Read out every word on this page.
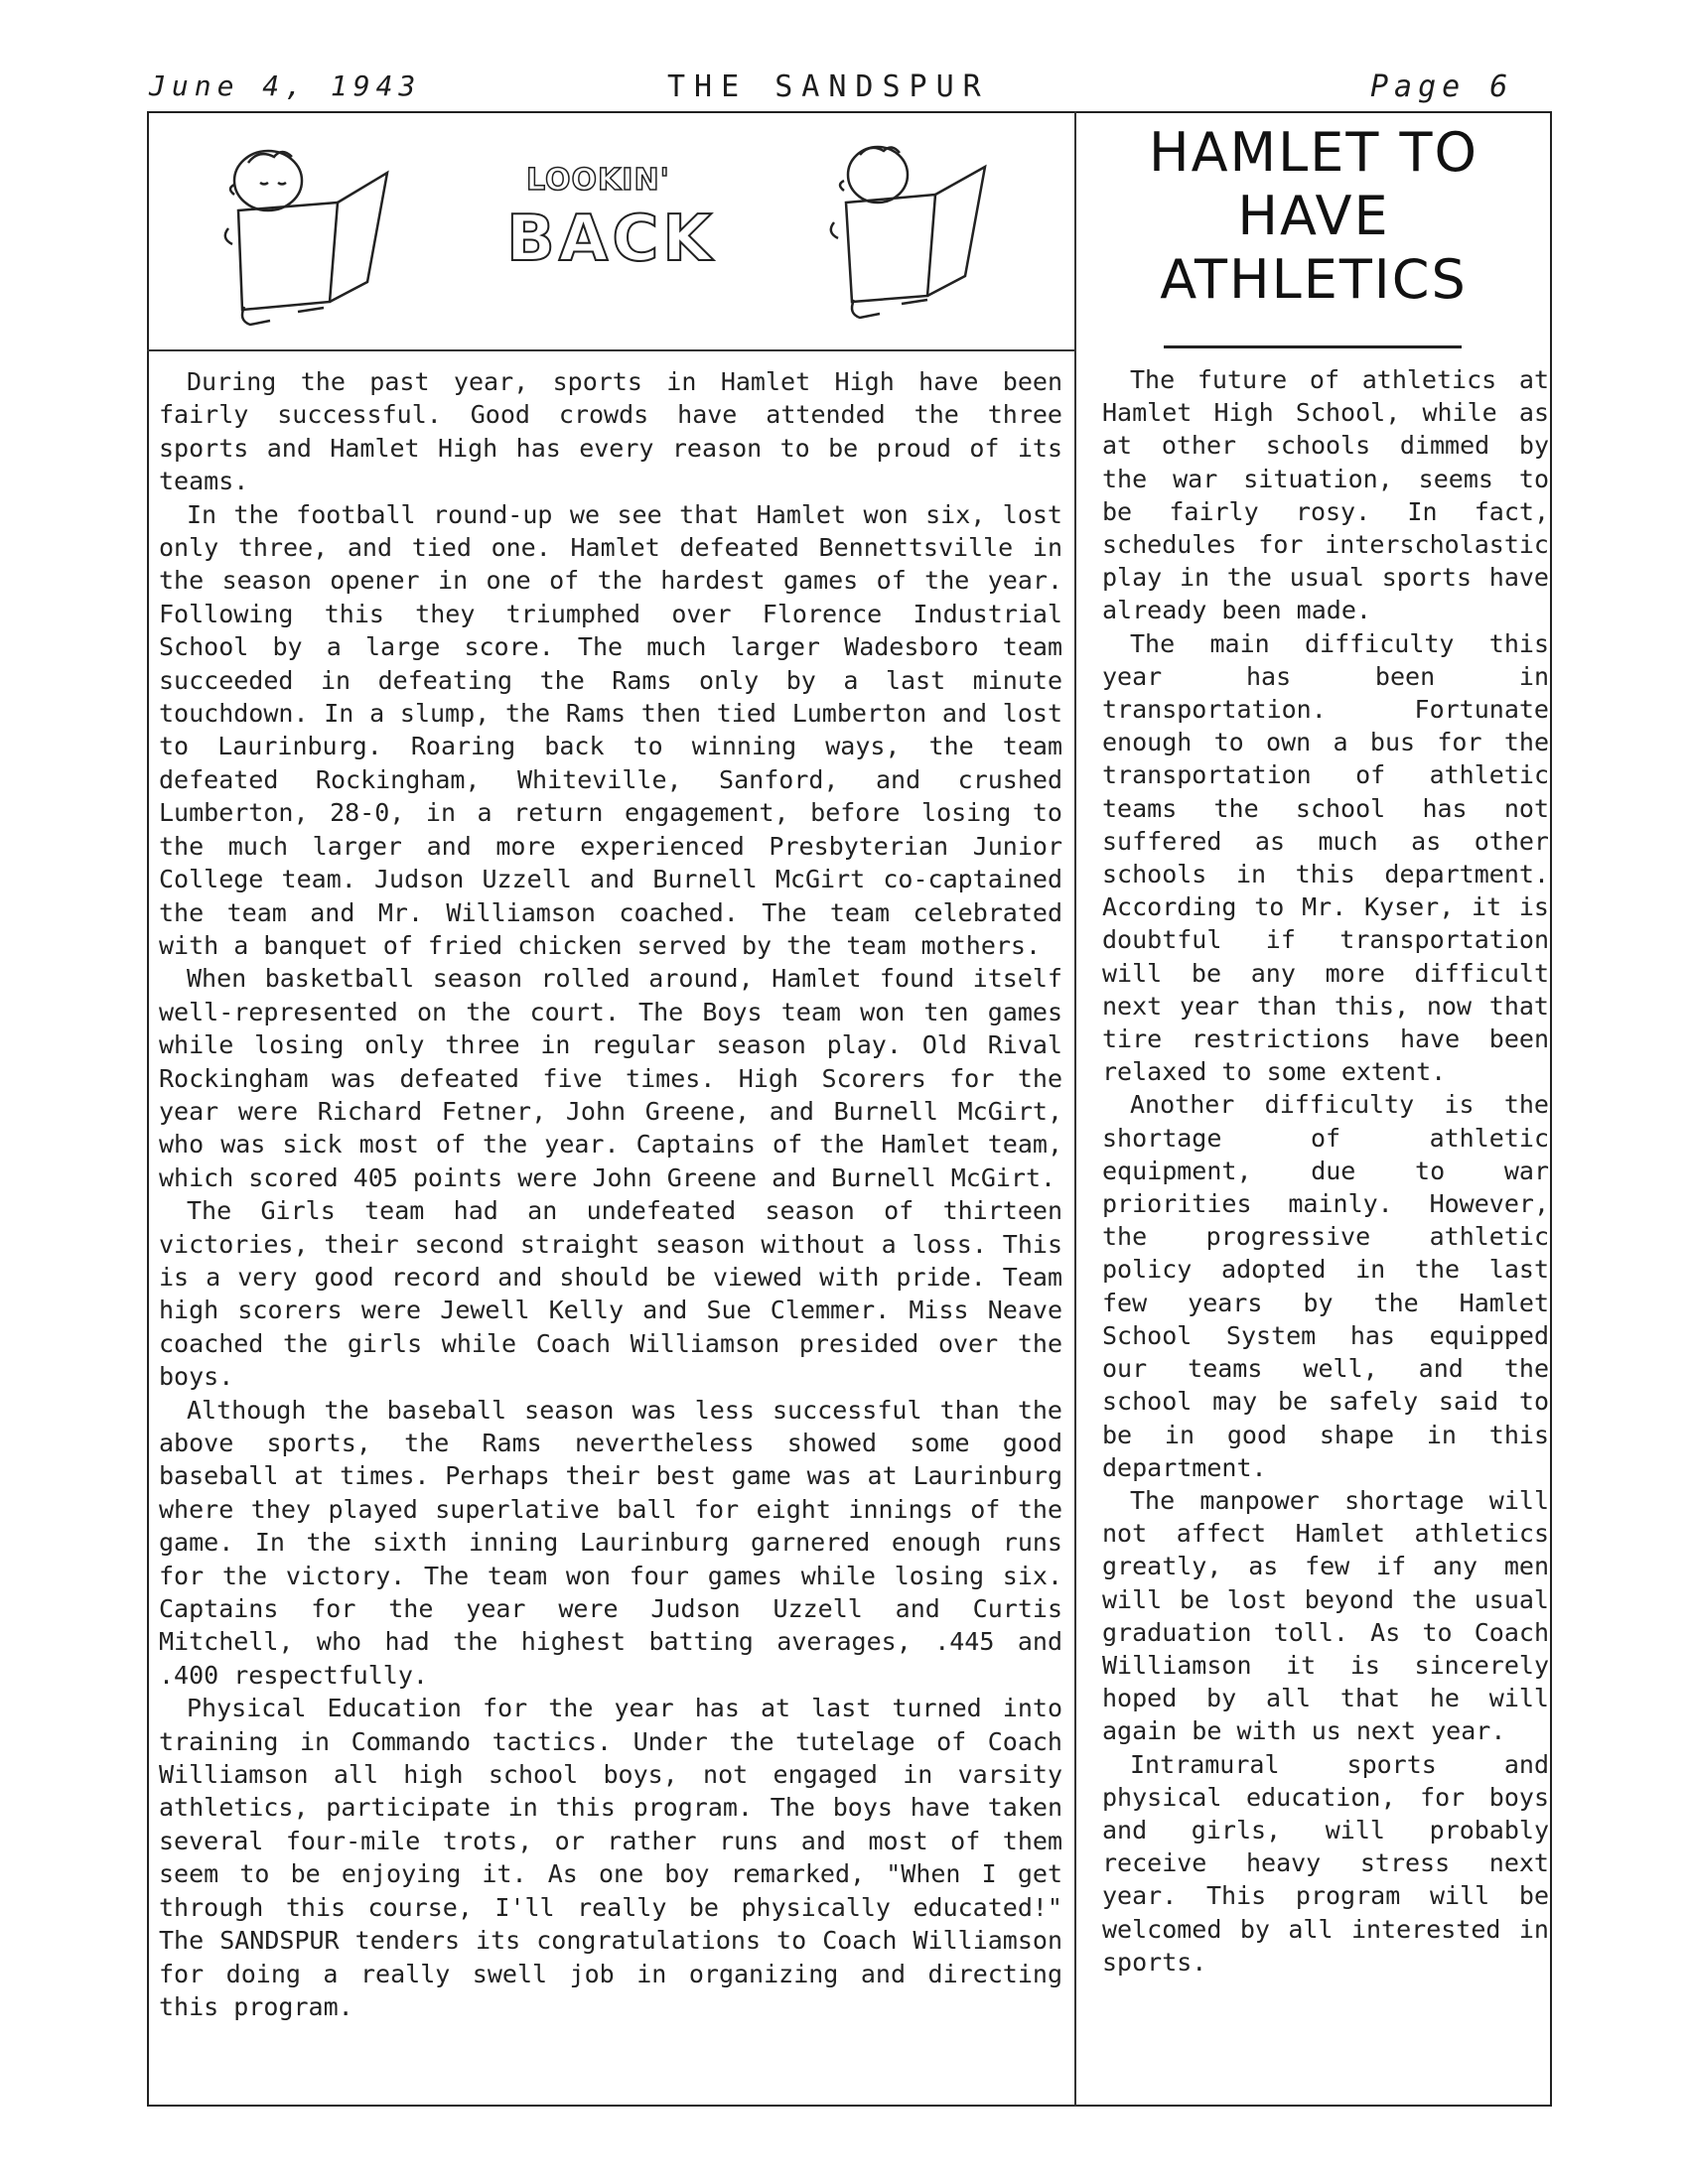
June 4, 1943	THE SANDSPUR	Page 6
LOOKIN'
BACK

During the past year, sports in Hamlet High have been fairly successful. Good crowds have attended the three sports and Hamlet High has every reason to be proud of its teams.

In the football round-up we see that Hamlet won six, lost only three, and tied one. Hamlet defeated Bennettsville in the season opener in one of the hardest games of the year. Following this they triumphed over Florence Industrial School by a large score. The much larger Wadesboro team succeeded in defeating the Rams only by a last minute touchdown. In a slump, the Rams then tied Lumberton and lost to Laurinburg. Roaring back to winning ways, the team defeated Rockingham, Whiteville, Sanford, and crushed Lumberton, 28-0, in a return engagement, before losing to the much larger and more experienced Presbyterian Junior College team. Judson Uzzell and Burnell McGirt co-captained the team and Mr. Williamson coached. The team celebrated with a banquet of fried chicken served by the team mothers.

When basketball season rolled around, Hamlet found itself well-represented on the court. The Boys team won ten games while losing only three in regular season play. Old Rival Rockingham was defeated five times. High Scorers for the year were Richard Fetner, John Greene, and Burnell McGirt, who was sick most of the year. Captains of the Hamlet team, which scored 405 points were John Greene and Burnell McGirt.

The Girls team had an undefeated season of thirteen victories, their second straight season without a loss. This is a very good record and should be viewed with pride. Team high scorers were Jewell Kelly and Sue Clemmer. Miss Neave coached the girls while Coach Williamson presided over the boys.

Although the baseball season was less successful than the above sports, the Rams nevertheless showed some good baseball at times. Perhaps their best game was at Laurinburg where they played superlative ball for eight innings of the game. In the sixth inning Laurinburg garnered enough runs for the victory. The team won four games while losing six. Captains for the year were Judson Uzzell and Curtis Mitchell, who had the highest batting averages, .445 and .400 respectfully.

Physical Education for the year has at last turned into training in Commando tactics. Under the tutelage of Coach Williamson all high school boys, not engaged in varsity athletics, participate in this program. The boys have taken several four-mile trots, or rather runs and most of them seem to be enjoying it. As one boy remarked, "When I get through this course, I'll really be physically educated!" The SANDSPUR tenders its congratulations to Coach Williamson for doing a really swell job in organizing and directing this program.

HAMLET TO
HAVE
ATHLETICS

The future of athletics at Hamlet High School, while as at other schools dimmed by the war situation, seems to be fairly rosy. In fact, schedules for interscholastic play in the usual sports have already been made.

The main difficulty this year has been in transportation. Fortunate enough to own a bus for the transportation of athletic teams the school has not suffered as much as other schools in this department. According to Mr. Kyser, it is doubtful if transportation will be any more difficult next year than this, now that tire restrictions have been relaxed to some extent.

Another difficulty is the shortage of athletic equipment, due to war priorities mainly. However, the progressive athletic policy adopted in the last few years by the Hamlet School System has equipped our teams well, and the school may be safely said to be in good shape in this department.

The manpower shortage will not affect Hamlet athletics greatly, as few if any men will be lost beyond the usual graduation toll. As to Coach Williamson it is sincerely hoped by all that he will again be with us next year.

Intramural sports and physical education, for boys and girls, will probably receive heavy stress next year. This program will be welcomed by all interested in sports.
